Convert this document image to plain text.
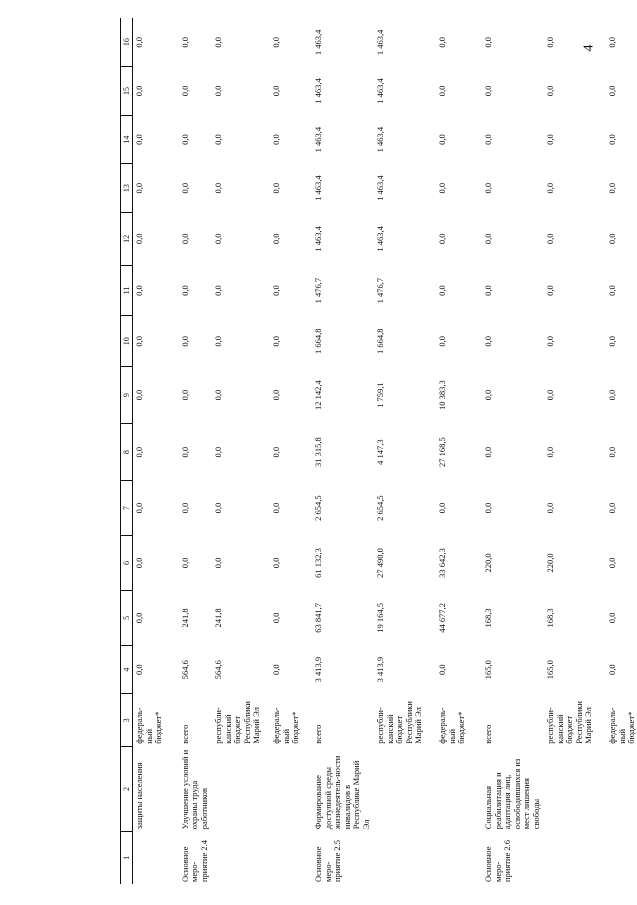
4
1	2	3	4	5	6	7	8	9	10	11	12	13	14	15	16
	защиты населения	федераль-ный бюджет*	0,0	0,0	0,0	0,0	0,0	0,0	0,0	0,0	0,0	0,0	0,0	0,0	0,0
Основное меро-приятие 2.4	Улучшение условий и охраны труда работников	всего	564,6	241,8	0,0	0,0	0,0	0,0	0,0	0,0	0,0	0,0	0,0	0,0	0,0
		республи-канский бюджет Республики Марий Эл	564,6	241,8	0,0	0,0	0,0	0,0	0,0	0,0	0,0	0,0	0,0	0,0	0,0
		федераль-ный бюджет*	0,0	0,0	0,0	0,0	0,0	0,0	0,0	0,0	0,0	0,0	0,0	0,0	0,0
Основное меро-приятие 2.5	Формирование доступной среды жизнедеятель-ности инвалидов в Республике Марий Эл	всего	3 413,9	63 841,7	61 132,3	2 654,5	31 315,8	12 142,4	1 664,8	1 476,7	1 463,4	1 463,4	1 463,4	1 463,4	1 463,4
		республи-канский бюджет Республики Марий Эл	3 413,9	19 164,5	27 490,0	2 654,5	4 147,3	1 759,1	1 664,8	1 476,7	1 463,4	1 463,4	1 463,4	1 463,4	1 463,4
		федераль-ный бюджет*	0,0	44 677,2	33 642,3	0,0	27 168,5	10 383,3	0,0	0,0	0,0	0,0	0,0	0,0	0,0
Основное меро-приятие 2.6	Социальная реабилитация и адаптация лиц, освободившихся из мест лишения свободы	всего	165,0	168,3	220,0	0,0	0,0	0,0	0,0	0,0	0,0	0,0	0,0	0,0	0,0
		республи-канский бюджет Республики Марий Эл	165,0	168,3	220,0	0,0	0,0	0,0	0,0	0,0	0,0	0,0	0,0	0,0	0,0
		федераль-ный бюджет*	0,0	0,0	0,0	0,0	0,0	0,0	0,0	0,0	0,0	0,0	0,0	0,0	0,0
